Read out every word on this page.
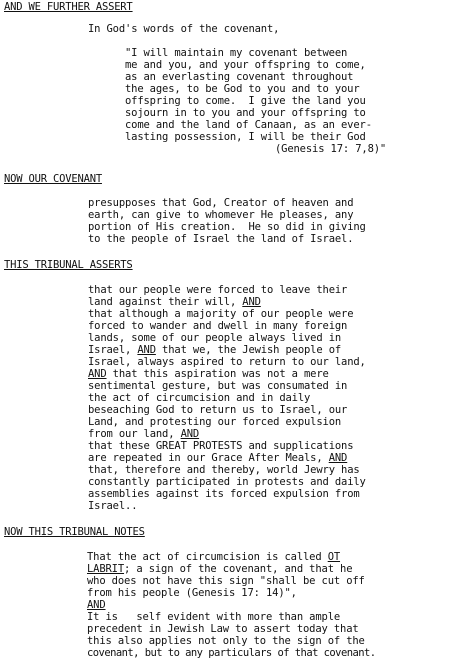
AND WE FURTHER ASSERT
In God's words of the covenant,
"I will maintain my covenant between
me and you, and your offspring to come,
as an everlasting covenant throughout
the ages, to be God to you and to your
offspring to come.  I give the land you
sojourn in to you and your offspring to
come and the land of Canaan, as an ever-
lasting possession, I will be their God
(Genesis 17: 7,8)"
NOW OUR COVENANT
presupposes that God, Creator of heaven and
earth, can give to whomever He pleases, any
portion of His creation.  He so did in giving
to the people of Israel the land of Israel.
THIS TRIBUNAL ASSERTS
that our people were forced to leave their
land against their will, AND
that although a majority of our people were
forced to wander and dwell in many foreign
lands, some of our people always lived in
Israel, AND that we, the Jewish people of
Israel, always aspired to return to our land,
AND that this aspiration was not a mere
sentimental gesture, but was consumated in
the act of circumcision and in daily
beseaching God to return us to Israel, our
Land, and protesting our forced expulsion
from our land, AND
that these GREAT PROTESTS and supplications
are repeated in our Grace After Meals, AND
that, therefore and thereby, world Jewry has
constantly participated in protests and daily
assemblies against its forced expulsion from
Israel..
NOW THIS TRIBUNAL NOTES
That the act of circumcision is called OT
LABRIT; a sign of the covenant, and that he
who does not have this sign "shall be cut off
from his people (Genesis 17: 14)",
AND
It is   self evident with more than ample
precedent in Jewish Law to assert today that
this also applies not only to the sign of the
covenant, but to any particulars of that covenant.
